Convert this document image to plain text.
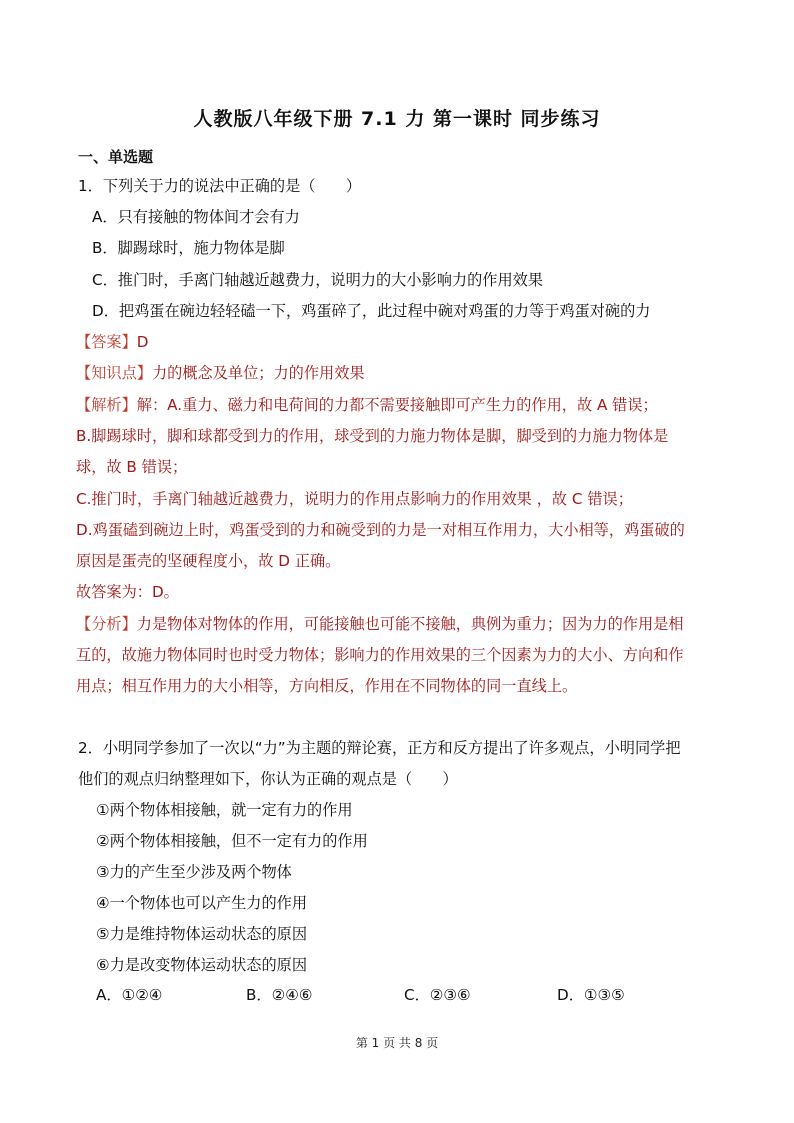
人教版八年级下册 7.1 力 第一课时 同步练习
一、单选题
1．下列关于力的说法中正确的是（　　）
A．只有接触的物体间才会有力
B．脚踢球时，施力物体是脚
C．推门时，手离门轴越近越费力，说明力的大小影响力的作用效果
D．把鸡蛋在碗边轻轻磕一下，鸡蛋碎了，此过程中碗对鸡蛋的力等于鸡蛋对碗的力
【答案】D
【知识点】力的概念及单位；力的作用效果
【解析】解：A.重力、磁力和电荷间的力都不需要接触即可产生力的作用，故 A 错误；
B.脚踢球时，脚和球都受到力的作用，球受到的力施力物体是脚，脚受到的力施力物体是
球，故 B 错误；
C.推门时，手离门轴越近越费力，说明力的作用点影响力的作用效果 ，故 C 错误；
D.鸡蛋磕到碗边上时，鸡蛋受到的力和碗受到的力是一对相互作用力，大小相等，鸡蛋破的
原因是蛋壳的坚硬程度小，故 D 正确。
故答案为：D。
【分析】力是物体对物体的作用，可能接触也可能不接触，典例为重力；因为力的作用是相
互的，故施力物体同时也时受力物体；影响力的作用效果的三个因素为力的大小、方向和作
用点；相互作用力的大小相等，方向相反，作用在不同物体的同一直线上。
2．小明同学参加了一次以“力”为主题的辩论赛，正方和反方提出了许多观点，小明同学把
他们的观点归纳整理如下，你认为正确的观点是（　　）
①两个物体相接触，就一定有力的作用
②两个物体相接触，但不一定有力的作用
③力的产生至少涉及两个物体
④一个物体也可以产生力的作用
⑤力是维持物体运动状态的原因
⑥力是改变物体运动状态的原因
A．①②④	B．②④⑥	C．②③⑥	D．①③⑤
第 1 页 共 8 页
